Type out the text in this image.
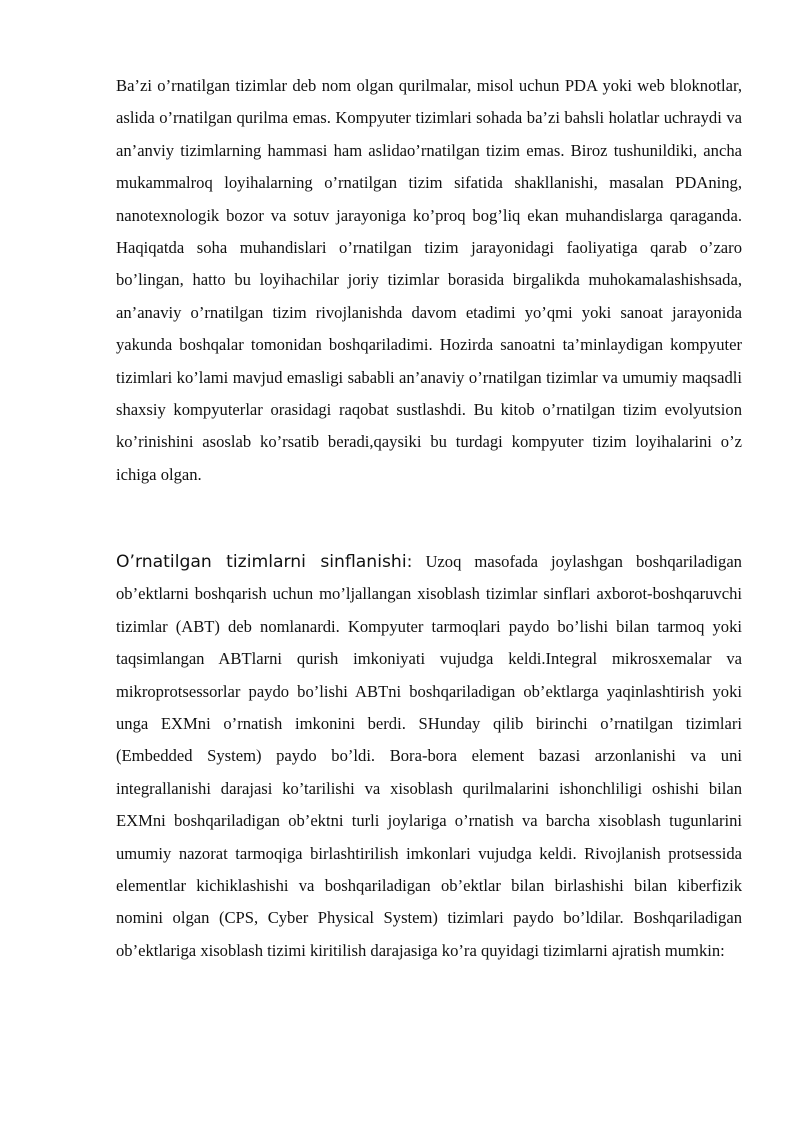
Ba’zi o’rnatilgan tizimlar deb nom olgan qurilmalar, misol uchun PDA yoki web bloknotlar, aslida o’rnatilgan qurilma emas. Kompyuter tizimlari sohada ba’zi bahsli holatlar uchraydi va an’anviy tizimlarning hammasi ham aslidao’rnatilgan tizim emas. Biroz tushunildiki, ancha mukammalroq loyihalarning o’rnatilgan tizim sifatida shakllanishi, masalan PDAning, nanotexnologik bozor va sotuv jarayoniga ko’proq bog’liq ekan muhandislarga qaraganda. Haqiqatda soha muhandislari o’rnatilgan tizim jarayonidagi faoliyatiga qarab o’zaro bo’lingan, hatto bu loyihachilar joriy tizimlar borasida birgalikda muhokamalashishsada, an’anaviy o’rnatilgan tizim rivojlanishda davom etadimi yo’qmi yoki sanoat jarayonida yakunda boshqalar tomonidan boshqariladimi. Hozirda sanoatni ta’minlaydigan kompyuter tizimlari ko’lami mavjud emasligi sababli an’anaviy o’rnatilgan tizimlar va umumiy maqsadli shaxsiy kompyuterlar orasidagi raqobat sustlashdi. Bu kitob o’rnatilgan tizim evolyutsion ko’rinishini asoslab ko’rsatib beradi,qaysiki bu turdagi kompyuter tizim loyihalarini o’z ichiga olgan.

O’rnatilgan tizimlarni sinflanishi: Uzoq masofada joylashgan boshqariladigan ob’ektlarni boshqarish uchun mo’ljallangan xisoblash tizimlar sinflari axborot-boshqaruvchi tizimlar (ABT) deb nomlanardi. Kompyuter tarmoqlari paydo bo’lishi bilan tarmoq yoki taqsimlangan ABTlarni qurish imkoniyati vujudga keldi.Integral mikrosxemalar va mikroprotsessorlar paydo bo’lishi ABTni boshqariladigan ob’ektlarga yaqinlashtirish yoki unga EXMni o’rnatish imkonini berdi. SHunday qilib birinchi o’rnatilgan tizimlari (Embedded System) paydo bo’ldi. Bora-bora element bazasi arzonlanishi va uni integrallanishi darajasi ko’tarilishi va xisoblash qurilmalarini ishonchliligi oshishi bilan EXMni boshqariladigan ob’ektni turli joylariga o’rnatish va barcha xisoblash tugunlarini umumiy nazorat tarmoqiga birlashtirilish imkonlari vujudga keldi. Rivojlanish protsessida elementlar kichiklashishi va boshqariladigan ob’ektlar bilan birlashishi bilan kiberfizik nomini olgan (CPS, Cyber Physical System) tizimlari paydo bo’ldilar. Boshqariladigan ob’ektlariga xisoblash tizimi kiritilish darajasiga ko’ra quyidagi tizimlarni ajratish mumkin:
